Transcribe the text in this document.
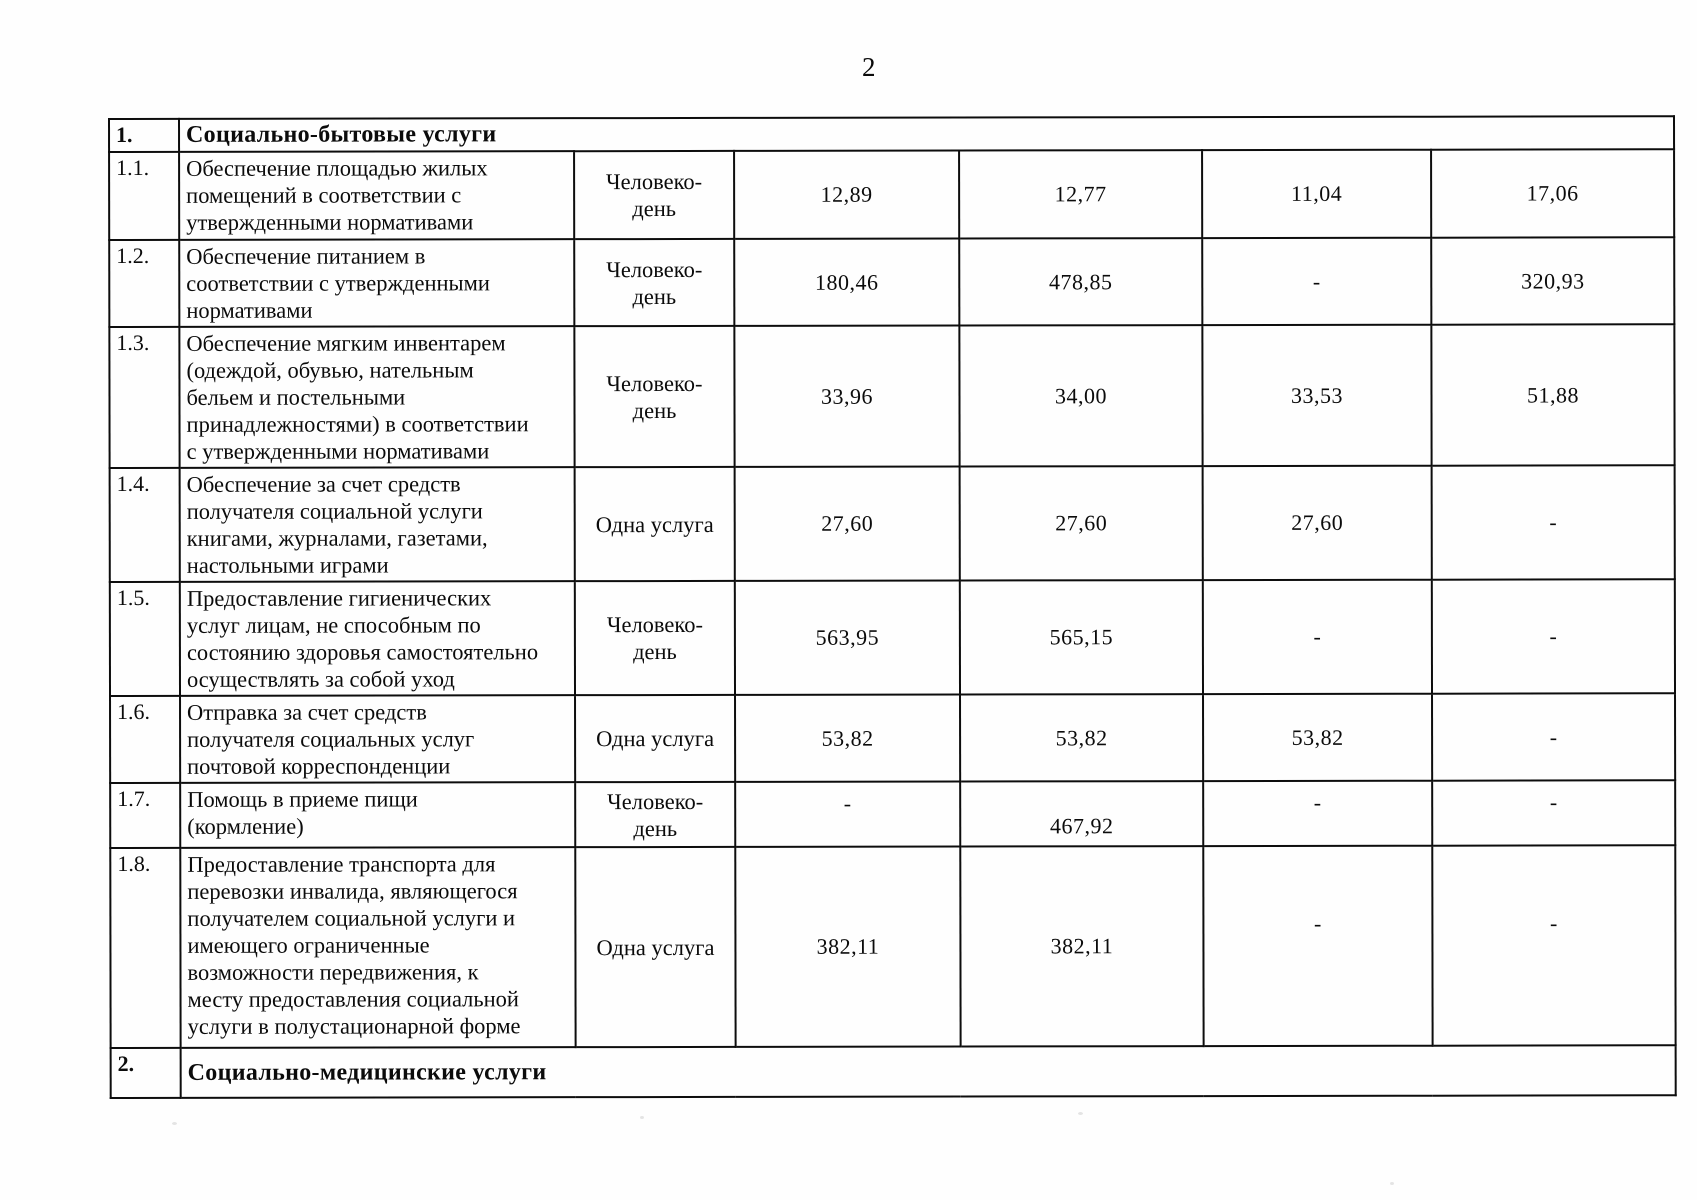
2
1.	Социально-бытовые услуги					
1.1.	Обеспечение площадью жилых
помещений в соответствии с
утвержденными нормативами	Человеко-
день	12,89	12,77	11,04	17,06
1.2.	Обеспечение питанием в
соответствии с утвержденными
нормативами	Человеко-
день	180,46	478,85	-	320,93
1.3.	Обеспечение мягким инвентарем
(одеждой, обувью, нательным
бельем и постельными
принадлежностями) в соответствии
с утвержденными нормативами	Человеко-
день	33,96	34,00	33,53	51,88
1.4.	Обеспечение за счет средств
получателя социальной услуги
книгами, журналами, газетами,
настольными играми	Одна услуга	27,60	27,60	27,60	-
1.5.	Предоставление гигиенических
услуг лицам, не способным по
состоянию здоровья самостоятельно
осуществлять за собой уход	Человеко-
день	563,95	565,15	-	-
1.6.	Отправка за счет средств
получателя социальных услуг
почтовой корреспонденции	Одна услуга	53,82	53,82	53,82	-
1.7.	Помощь в приеме пищи
(кормление)	Человеко-
день	-	467,92	-	-
1.8.	Предоставление транспорта для
перевозки инвалида, являющегося
получателем социальной услуги и
имеющего ограниченные
возможности передвижения, к
месту предоставления социальной
услуги в полустационарной форме	Одна услуга	382,11	382,11	-	-
2.	Социально-медицинские услуги					
